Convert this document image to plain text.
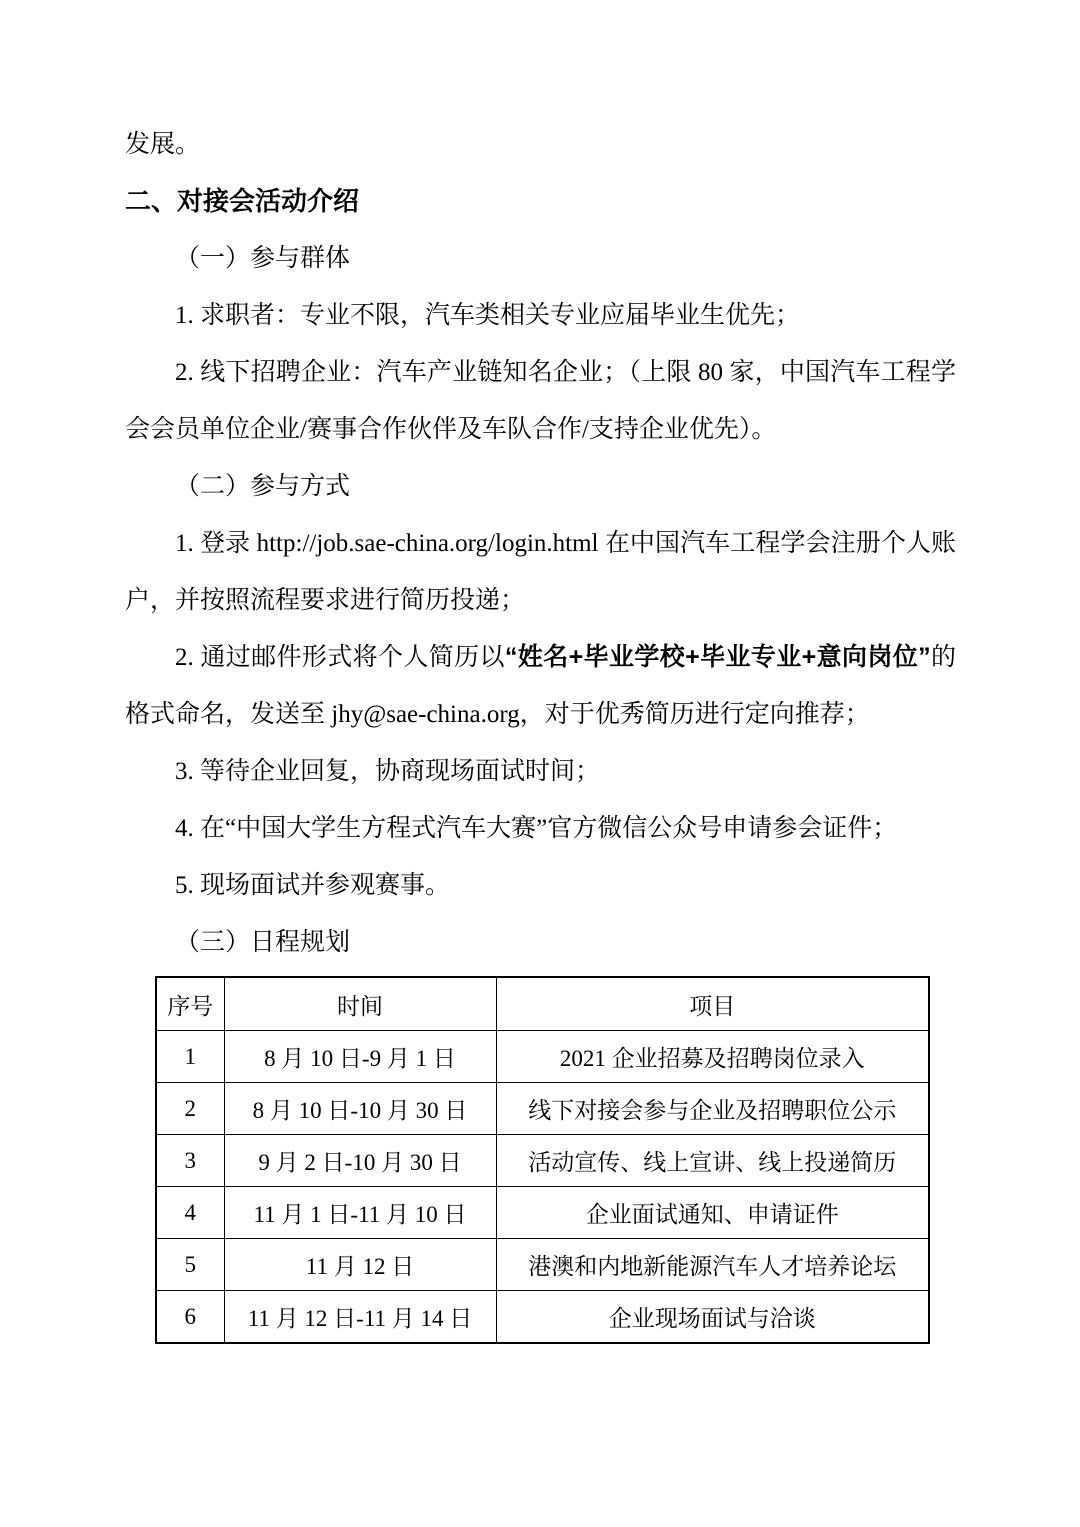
发展。

二、对接会活动介绍

（一）参与群体

1. 求职者：专业不限，汽车类相关专业应届毕业生优先；

2. 线下招聘企业：汽车产业链知名企业；（上限 80 家，中国汽车工程学会会员单位企业/赛事合作伙伴及车队合作/支持企业优先）。

（二）参与方式

1. 登录 http://job.sae-china.org/login.html 在中国汽车工程学会注册个人账户，并按照流程要求进行简历投递；

2. 通过邮件形式将个人简历以“姓名+毕业学校+毕业专业+意向岗位”的格式命名，发送至 jhy@sae-china.org，对于优秀简历进行定向推荐；

3. 等待企业回复，协商现场面试时间；

4. 在“中国大学生方程式汽车大赛”官方微信公众号申请参会证件；

5. 现场面试并参观赛事。

（三）日程规划

序号	时间	项目
1	8 月 10 日-9 月 1 日	2021 企业招募及招聘岗位录入
2	8 月 10 日-10 月 30 日	线下对接会参与企业及招聘职位公示
3	9 月 2 日-10 月 30 日	活动宣传、线上宣讲、线上投递简历
4	11 月 1 日-11 月 10 日	企业面试通知、申请证件
5	11 月 12 日	港澳和内地新能源汽车人才培养论坛
6	11 月 12 日-11 月 14 日	企业现场面试与洽谈
